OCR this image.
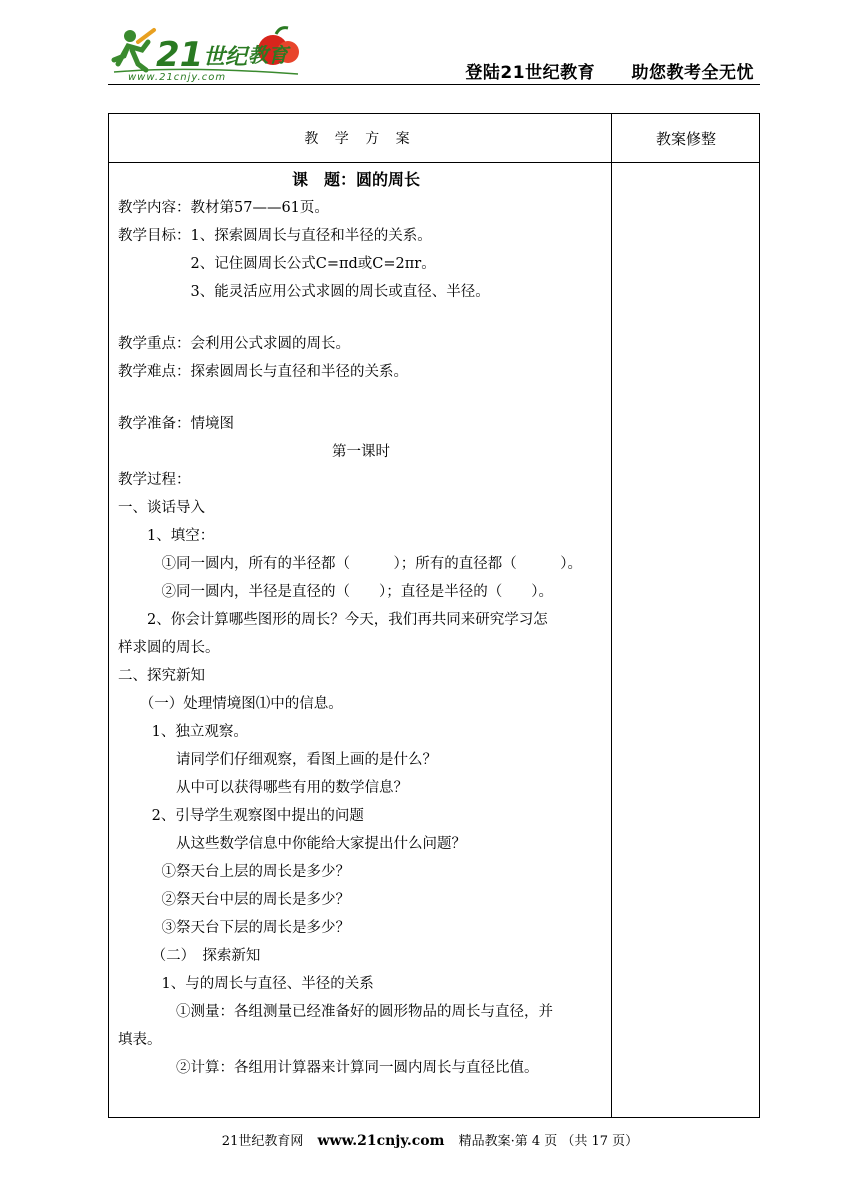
21 世纪 教育
www.21cnjy.com	登陆21世纪教育 助您教考全无忧
教 学 方 案	教案修整
课　题：圆的周长
教学内容：教材第57——61页。
教学目标：1、探索圆周长与直径和半径的关系。
　　　　　2、记住圆周长公式C=πd或C=2πr。
　　　　　3、能灵活应用公式求圆的周长或直径、半径。
教学重点：会利用公式求圆的周长。
教学难点：探索圆周长与直径和半径的关系。
教学准备：情境图
第一课时
教学过程：
一、谈话导入
　　1、填空：
　　　①同一圆内，所有的半径都（　　　）；所有的直径都（　　　）。
　　　②同一圆内，半径是直径的（　　）；直径是半径的（　　）。
　　2、你会计算哪些图形的周长？今天，我们再共同来研究学习怎
样求圆的周长。
二、探究新知
　　（一）处理情境图⑴中的信息。
　　 1、独立观察。
　　　　请同学们仔细观察，看图上画的是什么？
　　　　从中可以获得哪些有用的数学信息？
　　 2、引导学生观察图中提出的问题
　　　　从这些数学信息中你能给大家提出什么问题？
　　　①祭天台上层的周长是多少？
　　　②祭天台中层的周长是多少？
　　　③祭天台下层的周长是多少？
　　 （二）　探索新知
　　　1、与的周长与直径、半径的关系
　　　　①测量：各组测量已经准备好的圆形物品的周长与直径，并
填表。
　　　　②计算：各组用计算器来计算同一圆内周长与直径比值。
21世纪教育网 www.21cnjy.com 精品教案·第 4 页 （共 17 页）
